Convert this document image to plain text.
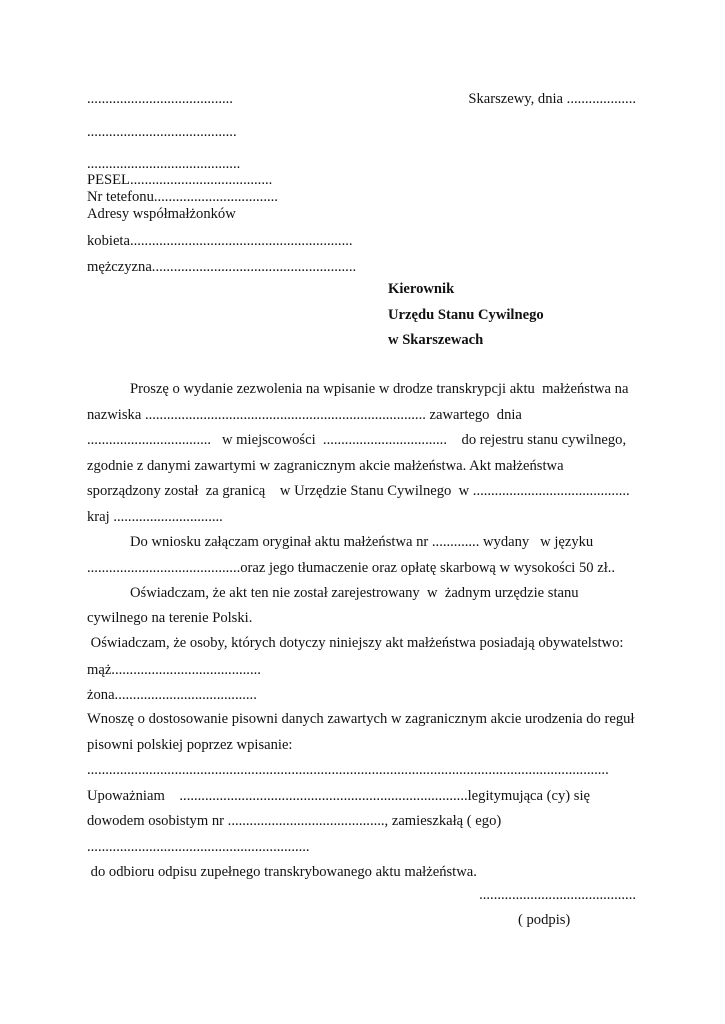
........................................	Skarszewy, dnia ...................
.........................................
..........................................
PESEL.......................................
Nr tetefonu..................................
Adresy współmałżonków
kobieta.............................................................
mężczyzna........................................................
Kierownik
Urzędu Stanu Cywilnego
w Skarszewach
Proszę o wydanie zezwolenia na wpisanie w drodze transkrypcji aktu  małżeństwa na
nazwiska ............................................................................. zawartego  dnia
..................................   w miejscowości  ..................................    do rejestru stanu cywilnego,
zgodnie z danymi zawartymi w zagranicznym akcie małżeństwa. Akt małżeństwa
sporządzony został  za granicą    w Urzędzie Stanu Cywilnego  w ...........................................
kraj ..............................
Do wniosku załączam oryginał aktu małżeństwa nr ............. wydany   w języku
..........................................oraz jego tłumaczenie oraz opłatę skarbową w wysokości 50 zł..
Oświadczam, że akt ten nie został zarejestrowany  w  żadnym urzędzie stanu
cywilnego na terenie Polski.
Oświadczam, że osoby, których dotyczy niniejszy akt małżeństwa posiadają obywatelstwo:
mąż.........................................
żona.......................................
Wnoszę o dostosowanie pisowni danych zawartych w zagranicznym akcie urodzenia do reguł
pisowni polskiej poprzez wpisanie:
...............................................................................................................................................
Upoważniam    ...............................................................................legitymująca (cy) się
dowodem osobistym nr ..........................................., zamieszkałą ( ego)
.............................................................
do odbioru odpisu zupełnego transkrybowanego aktu małżeństwa.
...........................................
( podpis)
